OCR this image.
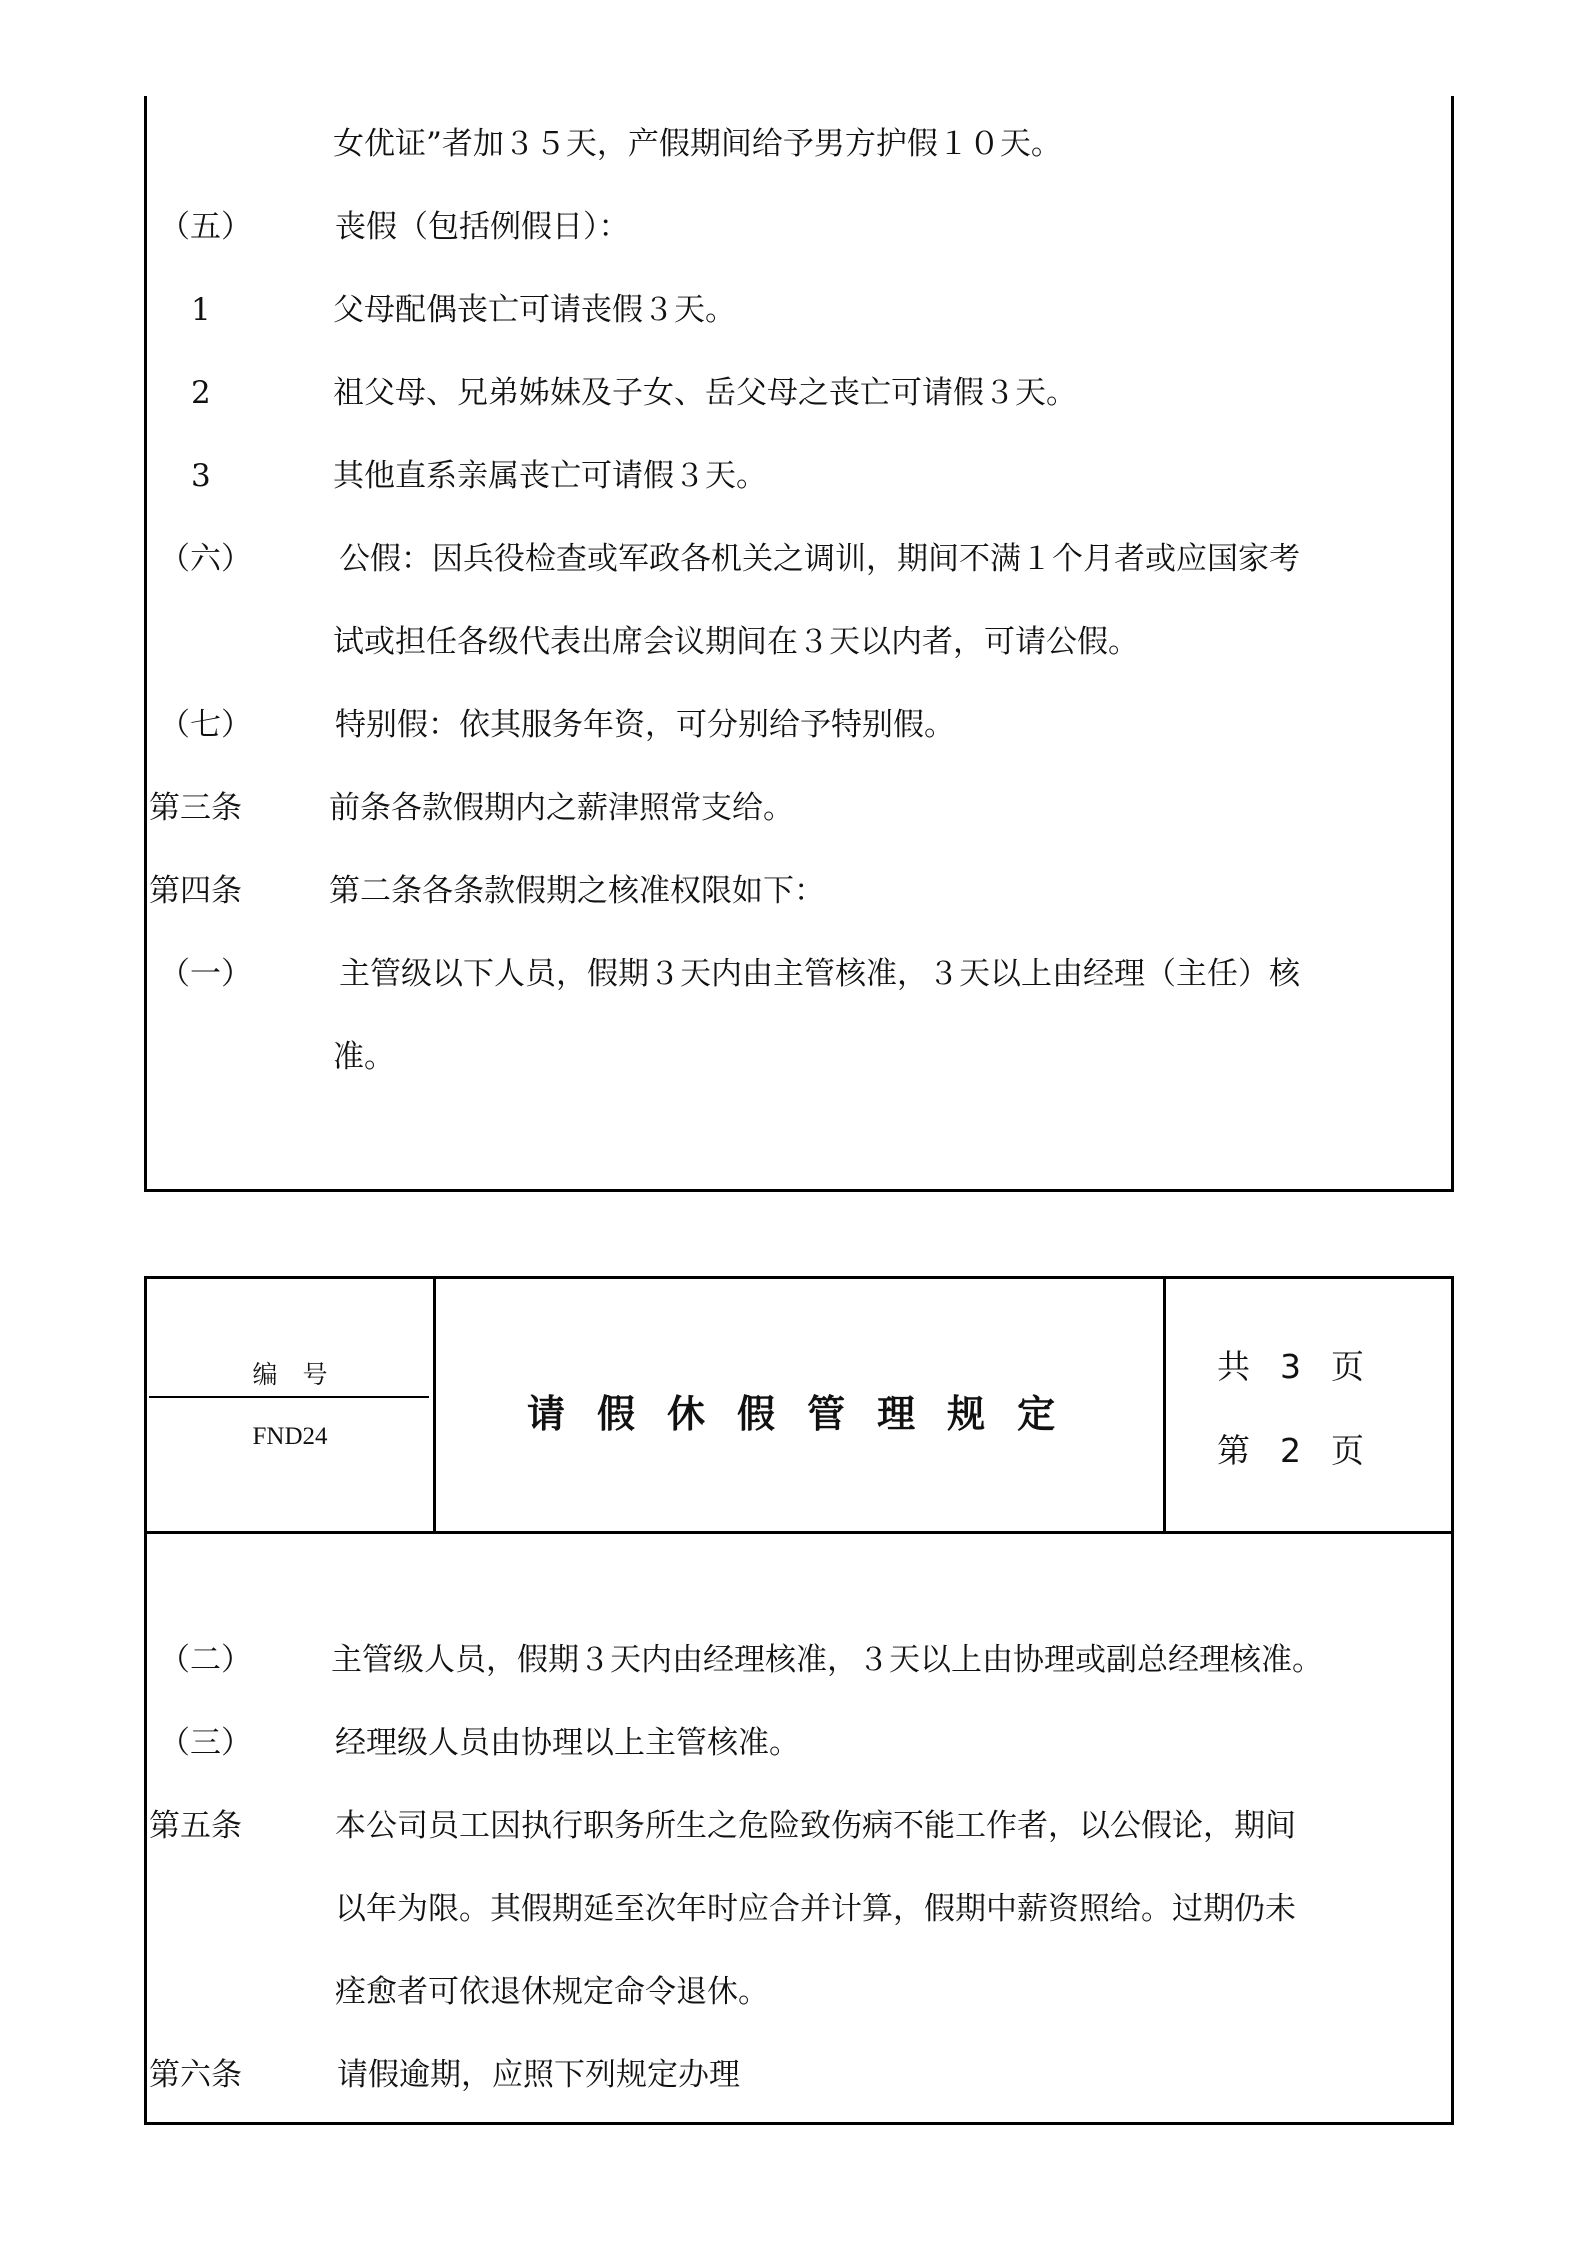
女优证”者加３５天，产假期间给予男方护假１０天。
（五）	丧假（包括例假日）：
1	父母配偶丧亡可请丧假３天。
2	祖父母、兄弟姊妹及子女、岳父母之丧亡可请假３天。
3	其他直系亲属丧亡可请假３天。
（六）	公假：因兵役检查或军政各机关之调训，期间不满１个月者或应国家考
试或担任各级代表出席会议期间在３天以内者，可请公假。
（七）	特别假：依其服务年资，可分别给予特别假。
第三条	前条各款假期内之薪津照常支给。
第四条	第二条各条款假期之核准权限如下：
（一）	主管级以下人员，假期３天内由主管核准，３天以上由经理（主任）核
准。
编　号
FND24
请 假 休 假 管 理 规 定
共 3 页
第 2 页
（二）	主管级人员，假期３天内由经理核准，３天以上由协理或副总经理核准。
（三）	经理级人员由协理以上主管核准。
第五条	本公司员工因执行职务所生之危险致伤病不能工作者，以公假论，期间
以年为限。其假期延至次年时应合并计算，假期中薪资照给。过期仍未
痊愈者可依退休规定命令退休。
第六条	请假逾期，应照下列规定办理
